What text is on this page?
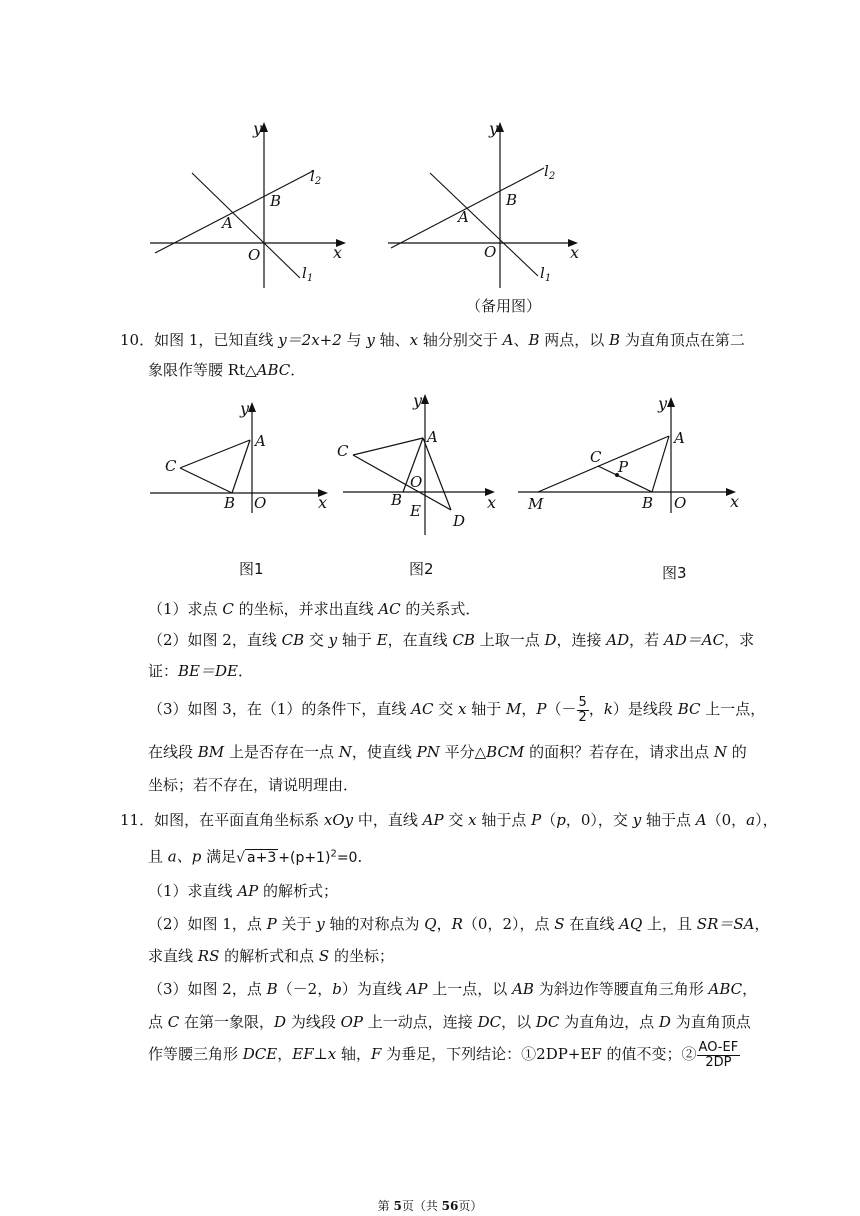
y
x
$l_2$
$l_1$
A
B
O
y
x
$l_2$
$l_1$
A
B
O
（备用图）
10．如图 1，已知直线 y＝2x+2 与 y 轴、x 轴分别交于 A、B 两点，以 B 为直角顶点在第二
象限作等腰 Rt△ABC．
y
x
A
B
C
O
图1
y
x
A
B
C
O
E
D
图2
y
x
A
B
C
P
M	O
图3
（1）求点 C 的坐标，并求出直线 AC 的关系式．
（2）如图 2，直线 CB 交 y 轴于 E，在直线 CB 上取一点 D，连接 AD，若 AD＝AC，求
证：BE＝DE．
（3）如图 3，在（1）的条件下，直线 AC 交 x 轴于 M，$P(- \frac{5}{2}$ ，k）是线段 BC 上一点，
在线段 BM 上是否存在一点 N，使直线 PN 平分△BCM 的面积？若存在，请求出点 N 的
坐标；若不存在，请说明理由．
11．如图，在平面直角坐标系 xOy 中，直线 AP 交 x 轴于点 P（p，0），交 y 轴于点 A（0，a），
且 a、p 满足√ $a+3 +(p+1)^2=0$．
（1）求直线 AP 的解析式；
（2）如图 1，点 P 关于 y 轴的对称点为 Q，R（0，2），点 S 在直线 AQ 上，且 SR＝SA，
求直线 RS 的解析式和点 S 的坐标；
（3）如图 2，点 B（－2，b）为直线 AP 上一点，以 AB 为斜边作等腰直角三角形 ABC，
点 C 在第一象限，D 为线段 OP 上一动点，连接 DC，以 DC 为直角边，点 D 为直角顶点
作等腰三角形 DCE，EF⊥x 轴，F 为垂足，下列结论：①2DP+EF 的值不变；② $\frac{AO-EF}{2DP}$
第 5页（共 56页）
